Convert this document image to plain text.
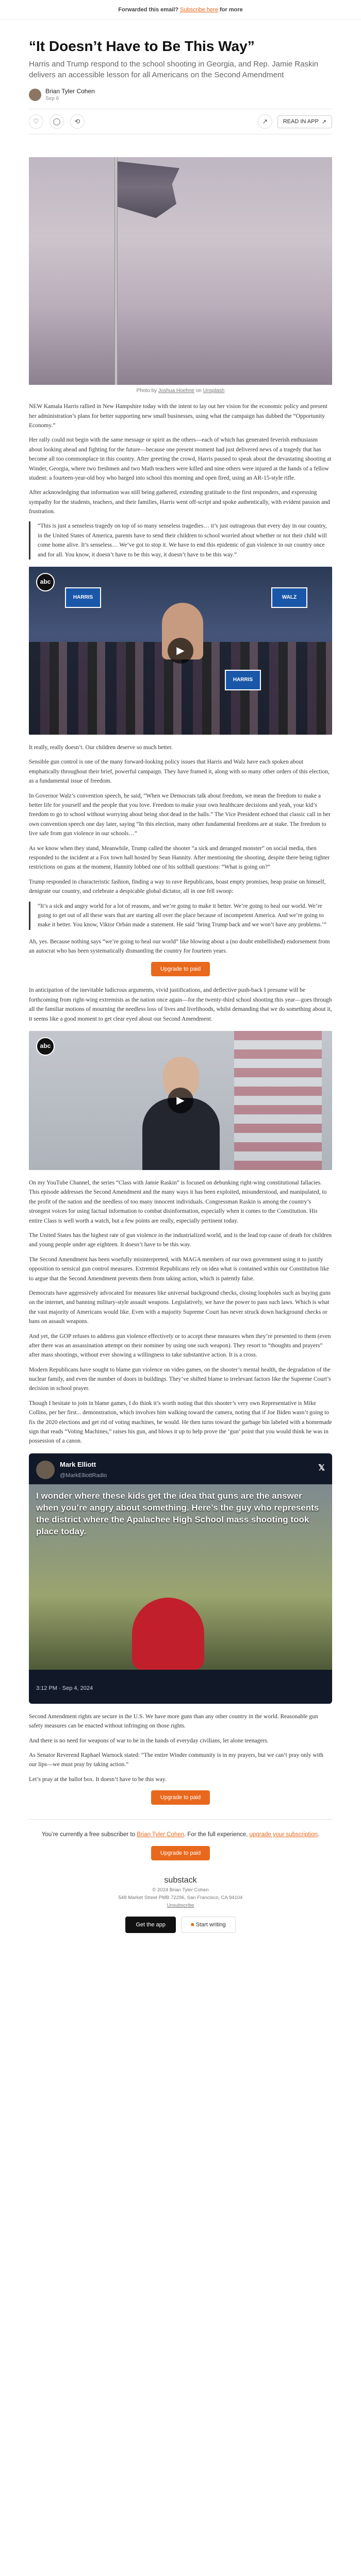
Forwarded this email? Subscribe here for more
“It Doesn’t Have to Be This Way”

Harris and Trump respond to the school shooting in Georgia, and Rep. Jamie Raskin delivers an accessible lesson for all Americans on the Second Amendment

Brian Tyler Cohen
Sep 6
♡	◯	⟲	↗	READ IN APP ↗
Photo by Joshua Hoehne on Unsplash

NEW Kamala Harris rallied in New Hampshire today with the intent to lay out her vision for the economic policy and present her administration’s plans for better supporting new small businesses, using what the campaign has dubbed the “Opportunity Economy.”

Her rally could not begin with the same message or spirit as the others—each of which has generated feverish enthusiasm about looking ahead and fighting for the future—because one present moment had just delivered news of a tragedy that has become all too commonplace in this country. After greeting the crowd, Harris paused to speak about the devastating shooting at Winder, Georgia, where two freshmen and two Math teachers were killed and nine others were injured at the hands of a fellow student: a fourteen-year-old boy who barged into school this morning and open fired, using an AR-15-style rifle.

After acknowledging that information was still being gathered, extending gratitude to the first responders, and expressing sympathy for the students, teachers, and their families, Harris went off-script and spoke authentically, with evident passion and frustration.

“This is just a senseless tragedy on top of so many senseless tragedies… it’s just outrageous that every day in our country, in the United States of America, parents have to send their children to school worried about whether or not their child will come home alive. It’s senseless… We’ve got to stop it. We have to end this epidemic of gun violence in our country once and for all. You know, it doesn’t have to be this way, it doesn’t have to be this way.”
HARRIS	WALZ
HARRIS
abc
▶

It really, really doesn’t. Our children deserve so much better.

Sensible gun control is one of the many forward-looking policy issues that Harris and Walz have each spoken about emphatically throughout their brief, powerful campaign. They have framed it, along with so many other orders of this election, as a fundamental issue of freedom.

In Governor Walz’s convention speech, he said, “When we Democrats talk about freedom, we mean the freedom to make a better life for yourself and the people that you love. Freedom to make your own healthcare decisions and yeah, your kid’s freedom to go to school without worrying about being shot dead in the halls.” The Vice President echoed that classic call in her own convention speech one day later, saying “In this election, many other fundamental freedoms are at stake. The freedom to live safe from gun violence in our schools…”

As we know when they stand, Meanwhile, Trump called the shooter “a sick and deranged monster” on social media, then responded to the incident at a Fox town hall hosted by Sean Hannity. After mentioning the shooting, despite there being tighter restrictions on guns at the moment, Hannity lobbed one of his softball questions: “What is going on?”

Trump responded in characteristic fashion, finding a way to rave Republicans, boast empty promises, heap praise on himself, denigrate our country, and celebrate a despicable global dictator, all in one fell swoop:

“It’s a sick and angry world for a lot of reasons, and we’re going to make it better. We’re going to heal our world. We’re going to get out of all these wars that are starting all over the place because of incompetent America. And we’re going to make it better. You know, Viktor Orbán made a statement. He said ‘bring Trump back and we won’t have any problems.’”

Ah, yes. Because nothing says “we’re going to heal our world” like blowing about a (no doubt embellished) endorsement from an autocrat who has been systematically dismantling the country for fourteen years.

Upgrade to paid

In anticipation of the inevitable ludicrous arguments, vivid justifications, and deflective push-back I presume will be forthcoming from right-wing extremists as the nation once again—for the twenty-third school shooting this year—goes through all the familiar motions of mourning the needless loss of lives and livelihoods, whilst demanding that we do something about it, it seems like a good moment to get clear eyed about our Second Amendment.

abc
▶

On my YouTube Channel, the series “Class with Jamie Raskin” is focused on debunking right-wing constitutional fallacies. This episode addresses the Second Amendment and the many ways it has been exploited, misunderstood, and manipulated, to the profit of the nation and the needless of too many innocent individuals. Congressman Raskin is among the country’s strongest voices for using factual information to combat disinformation, especially when it comes to the Constitution. His entire Class is well worth a watch, but a few points are really, especially pertinent today.

The United States has the highest rate of gun violence in the industrialized world, and is the lead top cause of death for children and young people under age eighteen. It doesn’t have to be this way.

The Second Amendment has been woefully misinterpreted, with MAGA members of our own government using it to justify opposition to sensical gun control measures. Extremist Republicans rely on idea what is contained within our Constitution like to argue that the Second Amendment prevents them from taking action, which is patently false.

Democrats have aggressively advocated for measures like universal background checks, closing loopholes such as buying guns on the internet, and banning military-style assault weapons. Legislatively, we have the power to pass such laws. Which is what the vast majority of Americans would like. Even with a majority Supreme Court has never struck down background checks or bans on assault weapons.

And yet, the GOP refuses to address gun violence effectively or to accept these measures when they’re presented to them (even after there was an assassination attempt on their nominee by using one such weapon). They resort to “thoughts and prayers” after mass shootings, without ever showing a willingness to take substantive action. It is a cross.

Modern Republicans have sought to blame gun violence on video games, on the shooter’s mental health, the degradation of the nuclear family, and even the number of doors in buildings. They’ve shifted blame to irrelevant factors like the Supreme Court’s decision in school prayer.

Though I hesitate to join in blame games, I do think it’s worth noting that this shooter’s very own Representative is Mike Collins, per her first... demonstration, which involves him walking toward the camera, noting that if Joe Biden wasn’t going to fix the 2020 elections and get rid of voting machines, he would. He then turns toward the garbage bin labeled with a homemade sign that reads “Voting Machines,” raises his gun, and blows it up to help prove the ‘gun’ point that you would think he was in possession of a canon.

Mark Elliott
@MarkElliottRadio
𝕏
I wonder where these kids get the idea that guns are the answer when you’re angry about something. Here’s the guy who represents the district where the Apalachee High School mass shooting took place today.
3:12 PM · Sep 4, 2024

Second Amendment rights are secure in the U.S. We have more guns than any other country in the world. Reasonable gun safety measures can be enacted without infringing on those rights.

And there is no need for weapons of war to be in the hands of everyday civilians, let alone teenagers.

As Senator Reverend Raphael Warnock stated: “The entire Winder community is in my prayers, but we can’t pray only with our lips—we must pray by taking action.”

Let’s pray at the ballot box. It doesn’t have to be this way.

Upgrade to paid
You’re currently a free subscriber to Brian Tyler Cohen. For the full experience, upgrade your subscription.
Upgrade to paid
substack
© 2024 Brian Tyler Cohen
548 Market Street PMB 72296, San Francisco, CA 94104
Unsubscribe
Get the app	■ Start writing
